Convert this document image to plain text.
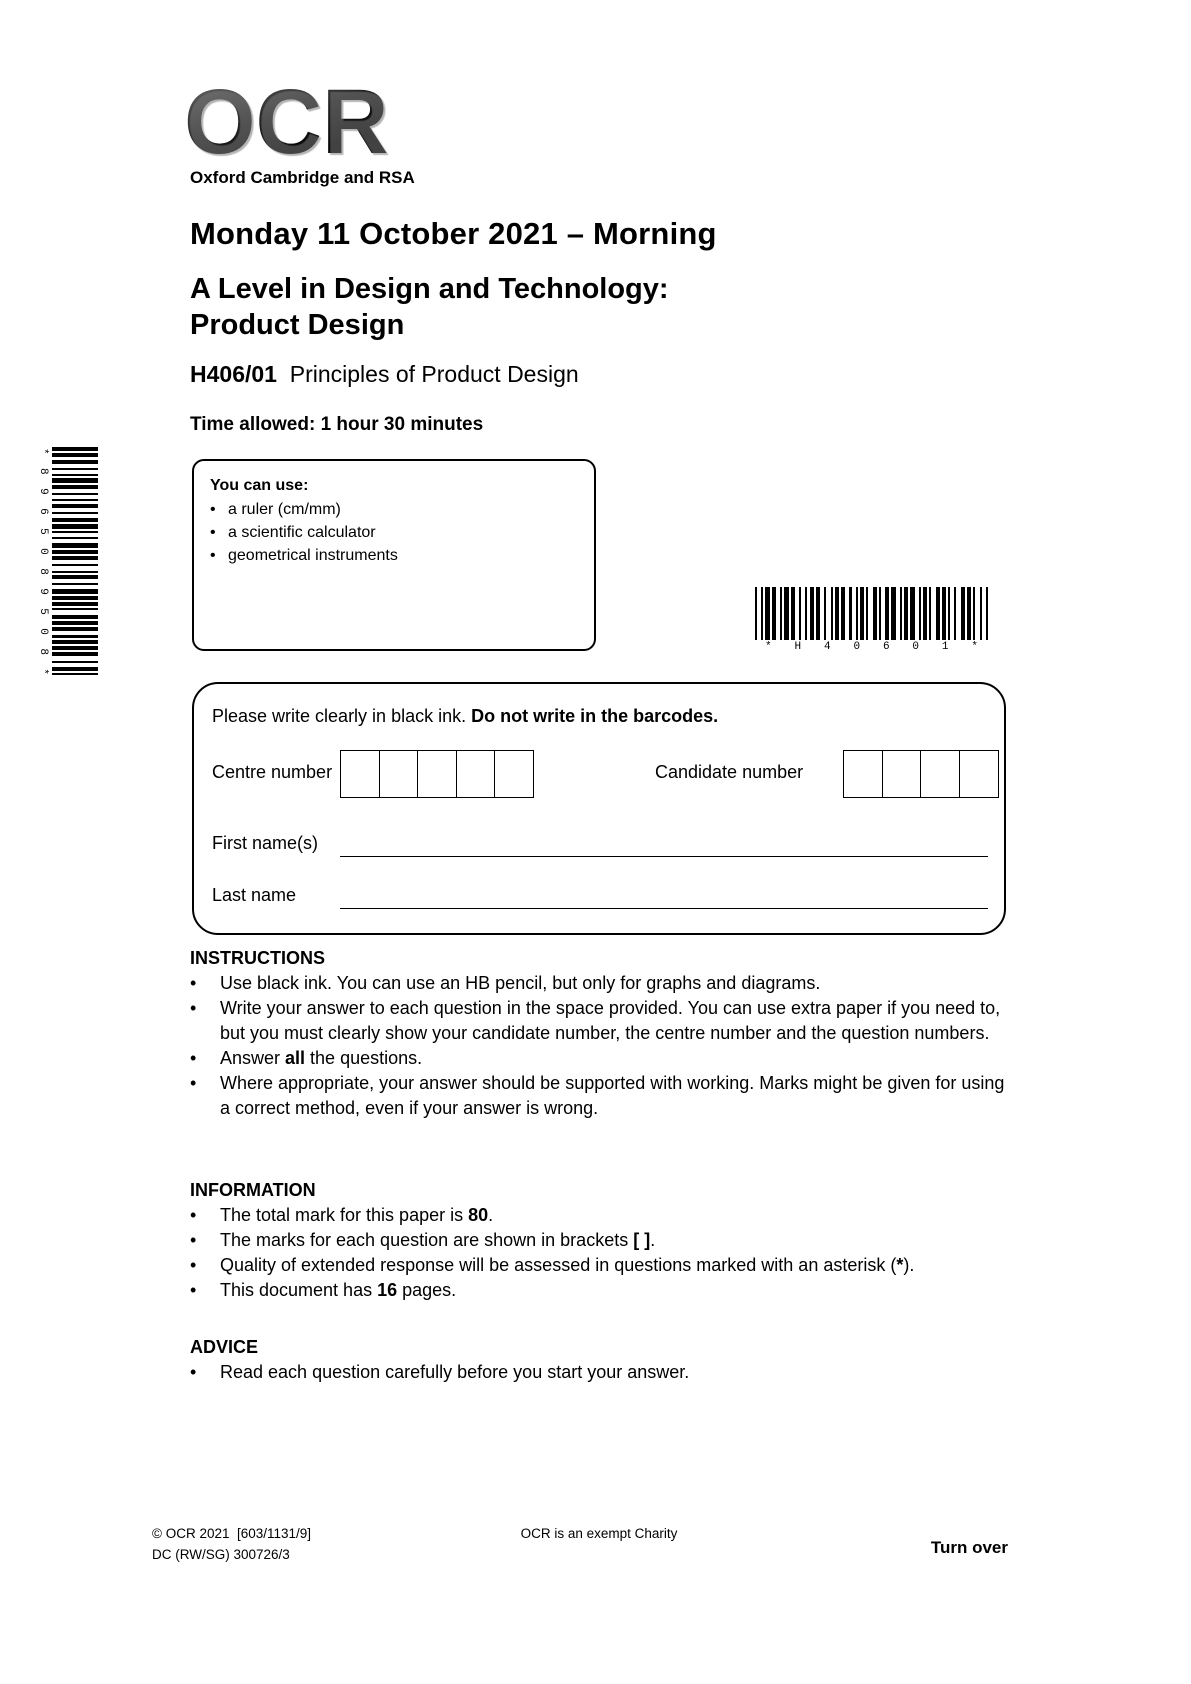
*
8
9
6
5
0
8
9
5
0
8
*
OCR
Oxford Cambridge and RSA
Monday 11 October 2021 – Morning
A Level in Design and Technology:
Product Design
H406/01  Principles of Product Design
Time allowed: 1 hour 30 minutes
You can use:
• a ruler (cm/mm)
• a scientific calculator
• geometrical instruments
* H 4 0 6 0 1 *
Please write clearly in black ink. Do not write in the barcodes.
Centre number	Candidate number
First name(s)
Last name
INSTRUCTIONS
•	Use black ink. You can use an HB pencil, but only for graphs and diagrams.
•	Write your answer to each question in the space provided. You can use extra paper if you need to, but you must clearly show your candidate number, the centre number and the question numbers.
•	Answer all the questions.
•	Where appropriate, your answer should be supported with working. Marks might be given for using a correct method, even if your answer is wrong.
INFORMATION
•	The total mark for this paper is 80.
•	The marks for each question are shown in brackets [ ].
•	Quality of extended response will be assessed in questions marked with an asterisk (*).
•	This document has 16 pages.
ADVICE
•	Read each question carefully before you start your answer.
© OCR 2021  [603/1131/9]
DC (RW/SG) 300726/3
OCR is an exempt Charity
Turn over
